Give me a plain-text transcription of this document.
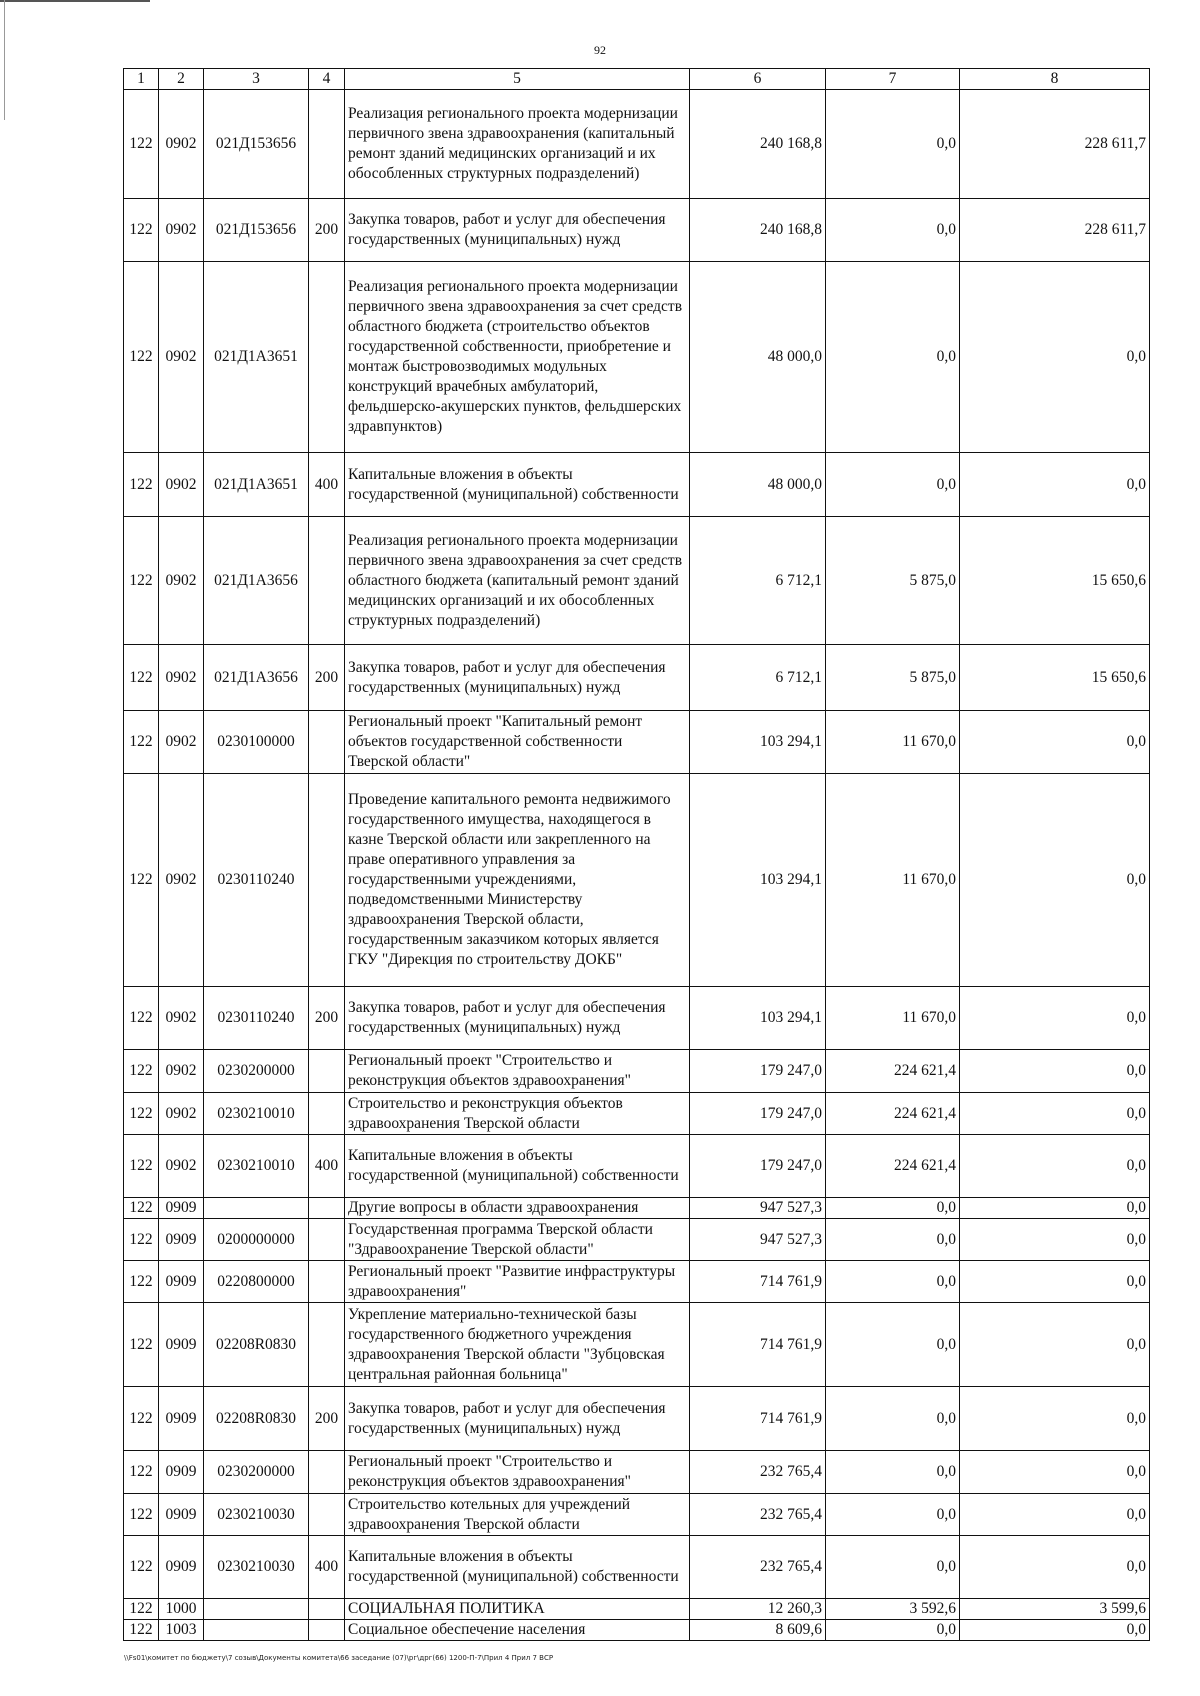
92
1	2	3	4	5	6	7	8
122	0902	021Д153656		Реализация регионального проекта модернизации первичного звена здравоохранения (капитальный ремонт зданий медицинских организаций и их обособленных структурных подразделений)	240 168,8	0,0	228 611,7
122	0902	021Д153656	200	Закупка товаров, работ и услуг для обеспечения государственных (муниципальных) нужд	240 168,8	0,0	228 611,7
122	0902	021Д1А3651		Реализация регионального проекта модернизации первичного звена здравоохранения за счет средств областного бюджета (строительство объектов государственной собственности, приобретение и монтаж быстровозводимых модульных конструкций врачебных амбулаторий, фельдшерско-акушерских пунктов, фельдшерских здравпунктов)	48 000,0	0,0	0,0
122	0902	021Д1А3651	400	Капитальные вложения в объекты государственной (муниципальной) собственности	48 000,0	0,0	0,0
122	0902	021Д1А3656		Реализация регионального проекта модернизации первичного звена здравоохранения за счет средств областного бюджета (капитальный ремонт зданий медицинских организаций и их обособленных структурных подразделений)	6 712,1	5 875,0	15 650,6
122	0902	021Д1А3656	200	Закупка товаров, работ и услуг для обеспечения государственных (муниципальных) нужд	6 712,1	5 875,0	15 650,6
122	0902	0230100000		Региональный проект "Капитальный ремонт объектов государственной собственности Тверской области"	103 294,1	11 670,0	0,0
122	0902	0230110240		Проведение капитального ремонта недвижимого государственного имущества, находящегося в казне Тверской области или закрепленного на праве оперативного управления за государственными учреждениями, подведомственными Министерству здравоохранения Тверской области, государственным заказчиком которых является ГКУ "Дирекция по строительству ДОКБ"	103 294,1	11 670,0	0,0
122	0902	0230110240	200	Закупка товаров, работ и услуг для обеспечения государственных (муниципальных) нужд	103 294,1	11 670,0	0,0
122	0902	0230200000		Региональный проект "Строительство и реконструкция объектов здравоохранения"	179 247,0	224 621,4	0,0
122	0902	0230210010		Строительство и реконструкция объектов здравоохранения Тверской области	179 247,0	224 621,4	0,0
122	0902	0230210010	400	Капитальные вложения в объекты государственной (муниципальной) собственности	179 247,0	224 621,4	0,0
122	0909			Другие вопросы в области здравоохранения	947 527,3	0,0	0,0
122	0909	0200000000		Государственная программа Тверской области "Здравоохранение Тверской области"	947 527,3	0,0	0,0
122	0909	0220800000		Региональный проект "Развитие инфраструктуры здравоохранения"	714 761,9	0,0	0,0
122	0909	02208R0830		Укрепление материально-технической базы государственного бюджетного учреждения здравоохранения Тверской области "Зубцовская центральная районная больница"	714 761,9	0,0	0,0
122	0909	02208R0830	200	Закупка товаров, работ и услуг для обеспечения государственных (муниципальных) нужд	714 761,9	0,0	0,0
122	0909	0230200000		Региональный проект "Строительство и реконструкция объектов здравоохранения"	232 765,4	0,0	0,0
122	0909	0230210030		Строительство котельных для учреждений здравоохранения Тверской области	232 765,4	0,0	0,0
122	0909	0230210030	400	Капитальные вложения в объекты государственной (муниципальной) собственности	232 765,4	0,0	0,0
122	1000			СОЦИАЛЬНАЯ ПОЛИТИКА	12 260,3	3 592,6	3 599,6
122	1003			Социальное обеспечение населения	8 609,6	0,0	0,0
\\Fs01\комитет по бюджету\7 созыв\Документы комитета\66 заседание (07)\рг\дрг(66) 1200-П-7\Прил 4 Прил 7 ВСР
